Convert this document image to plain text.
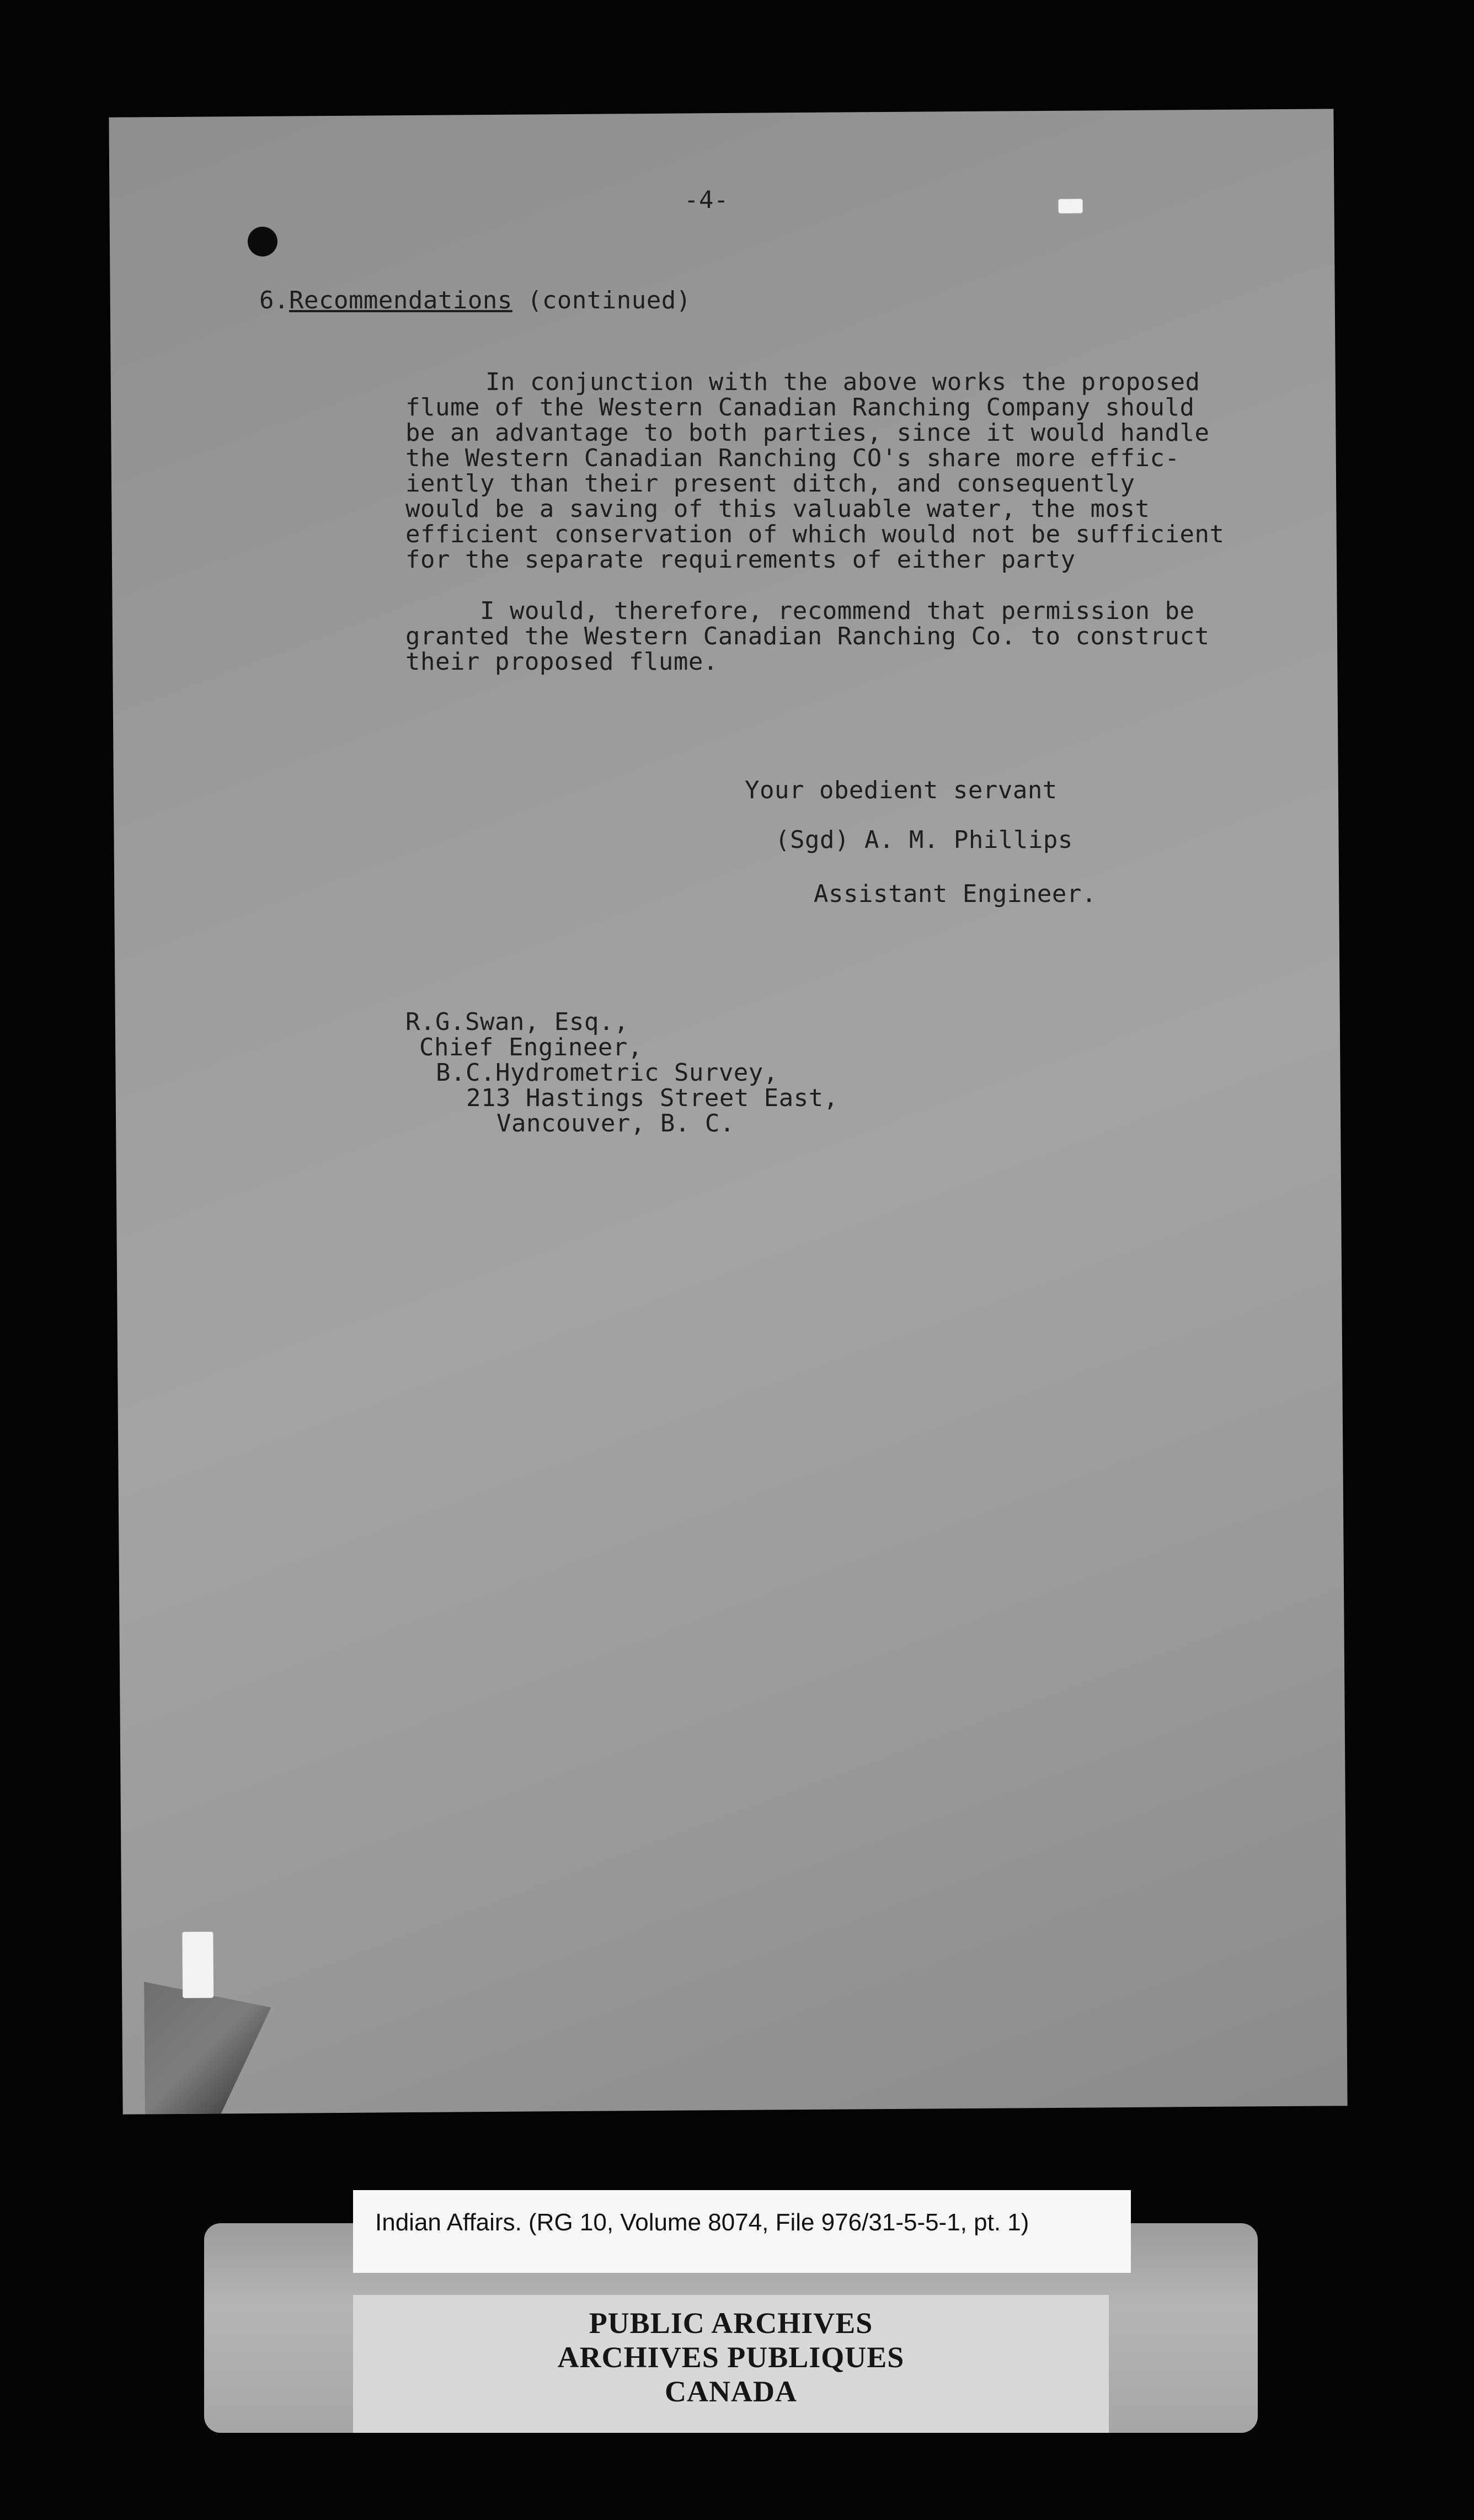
-4-
6.Recommendations (continued)
In conjunction with the above works the proposed
flume of the Western Canadian Ranching Company should
be an advantage to both parties, since it would handle
the Western Canadian Ranching CO's share more effic-
iently than their present ditch, and consequently
would be a saving of this valuable water, the most
efficient conservation of which would not be sufficient
for the separate requirements of either party
I would, therefore, recommend that permission be
granted the Western Canadian Ranching Co. to construct
their proposed flume.
Your obedient servant
(Sgd) A. M. Phillips
Assistant Engineer.
R.G.Swan, Esq.,
Chief Engineer,
B.C.Hydrometric Survey,
213 Hastings Street East,
Vancouver, B. C.
PUBLIC ARCHIVES
ARCHIVES PUBLIQUES
CANADA
Indian Affairs. (RG 10, Volume 8074, File 976/31-5-5-1, pt. 1)
